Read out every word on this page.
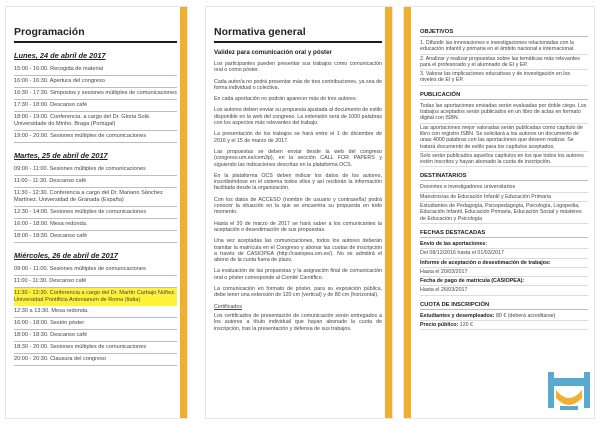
Programación
Lunes, 24 de abril de 2017
15:00 - 16:00. Recogida de material
16:00 - 16:30. Apertura del congreso
16:30 - 17:30. Simposios y sesiones múltiples de comunicaciones
17:30 - 18:00. Descanso café
18:00 - 19:00. Conferencia. a cargo del Dr. Gloria Solé. Universidade do Minho. Braga (Portugal)
19:00 - 20:00. Sesiones múltiples de comunicaciones
Martes, 25 de abril de 2017
09:00 - 11:00. Sesiones múltiples de comunicaciones
11:00 - 11:30. Descanso café
11:30 - 12:30. Conferencia a cargo del Dr. Mariano Sánchez Martínez. Universidad de Granada (España)
12:30 - 14:00. Sesiones múltiples de comunicaciones
16:00 - 18:00. Mesa redonda.
18:00 - 18:30. Descanso café
Miércoles, 26 de abril de 2017
09:00 - 11:00. Sesiones múltiples de comunicaciones
11:00 - 11:30. Descanso café
11:30 - 12:30. Conferencia a cargo del Dr. Martín Carbajo Núñez. Universidad Pontificia Antonianum de Roma (Italia)
12:30 a 13:30. Mesa redonda.
16:00 - 18:00. Sesión póster
18:00 - 18:30. Descanso café
18:30 - 20:00. Sesiones múltiples de comunicaciones
20:00 - 20:30. Clausura del congreso
Normativa general
Validez para comunicación oral y póster
Los participantes pueden presentar sus trabajos como comunicación oral o como póster.
Cada autor/a no podrá presentar más de tres contribuciones, ya sea de forma individual o colectiva.
En cada aportación no podrán aparecer más de tres autores.
Los autores deben enviar su propuesta ajustada al documento de estilo disponible en la web del congreso. La extensión será de 1000 palabras con los aspectos más relevantes del trabajo.
La presentación de los trabajos se hará entre el 1 de diciembre de 2016 y el 15 de marzo de 2017.
Las propuestas se deben enviar desde la web del congreso (congreso.um.es/cem3p), en la sección CALL FOR PAPERS y siguiendo las indicaciones descritas en la plataforma OCS.
En la plataforma OCS deben indicar los datos de los autores, inscribiéndose en el sistema todos ellos y así recibirán la información facilitada desde la organización.
Con los datos de ACCESO (nombre de usuario y contraseña) podrá conocer la situación en la que se encuentra su propuesta en todo momento.
Hasta el 20 de marzo de 2017 se hará saber a los comunicantes la aceptación o desestimación de sus propuestas.
Una vez aceptadas las comunicaciones, todos los autores deberán tramitar la matrícula en el Congreso y abonar las cuotas de inscripción a través de CASIOPEA (http://casiopea.um.es/). No se admitirá el abono de la cuota fuera de plazo.
La evaluación de las propuestas y la asignación final de comunicación oral o póster corresponde al Comité Científico.
La comunicación en formato de póster, para su exposición pública, debe tener una extensión de 120 cm (vertical) y de 80 cm (horizontal).
Certificados
Los certificados de presentación de comunicación serán entregados a los autores a título individual que hayan abonado la cuota de inscripción, tras la presentación y defensa de sus trabajos.
OBJETIVOS
1. Difundir las innovaciones e investigaciones relacionadas con la educación infantil y primaria en el ámbito nacional e internacional.
2. Analizar y realizar propuestas sobre las temáticas más relevantes para el profesorado y el alumnado de EI y EP.
3. Valorar las implicaciones educativas y de investigación en los niveles de EI y EP.
PUBLICACIÓN
Todas las aportaciones enviadas serán evaluadas por doble ciego. Los trabajos aceptados serán publicados en un libro de actas en formato digital con ISBN.
Las aportaciones mejor valoradas serán publicadas como capítulo de libro con registro ISBN. Se solicitará a los autores un documento de unas 4000 palabras con las aportaciones que deseen realizar. Se tratará documento de estilo para los capítulos aceptados.
Solo serán publicados aquellos capítulos en los que todos los autores estén inscritos y hayan abonado la cuota de inscripción.
DESTINATARIOS
Docentes e investigadores universitarios
Maestros/as de Educación Infantil y Educación Primaria
Estudiantes de Pedagogía, Psicopedagogía, Psicología, Logopedia, Educación Infantil, Educación Primaria, Educación Social y másteres de Educación y Psicología
FECHAS DESTACADAS
Envío de las aportaciones:
Del 08/12/2016 hasta el 01/03/2017
Informe de aceptación o desestimación de trabajos:
Hasta el 20/03/2017
Fecha de pago de matrícula (CASIOPEA):
Hasta el 26/03/2017
CUOTA DE INSCRIPCIÓN
Estudiantes y desempleados: 80 € (deberá acreditarse)
Precio público: 120 €
